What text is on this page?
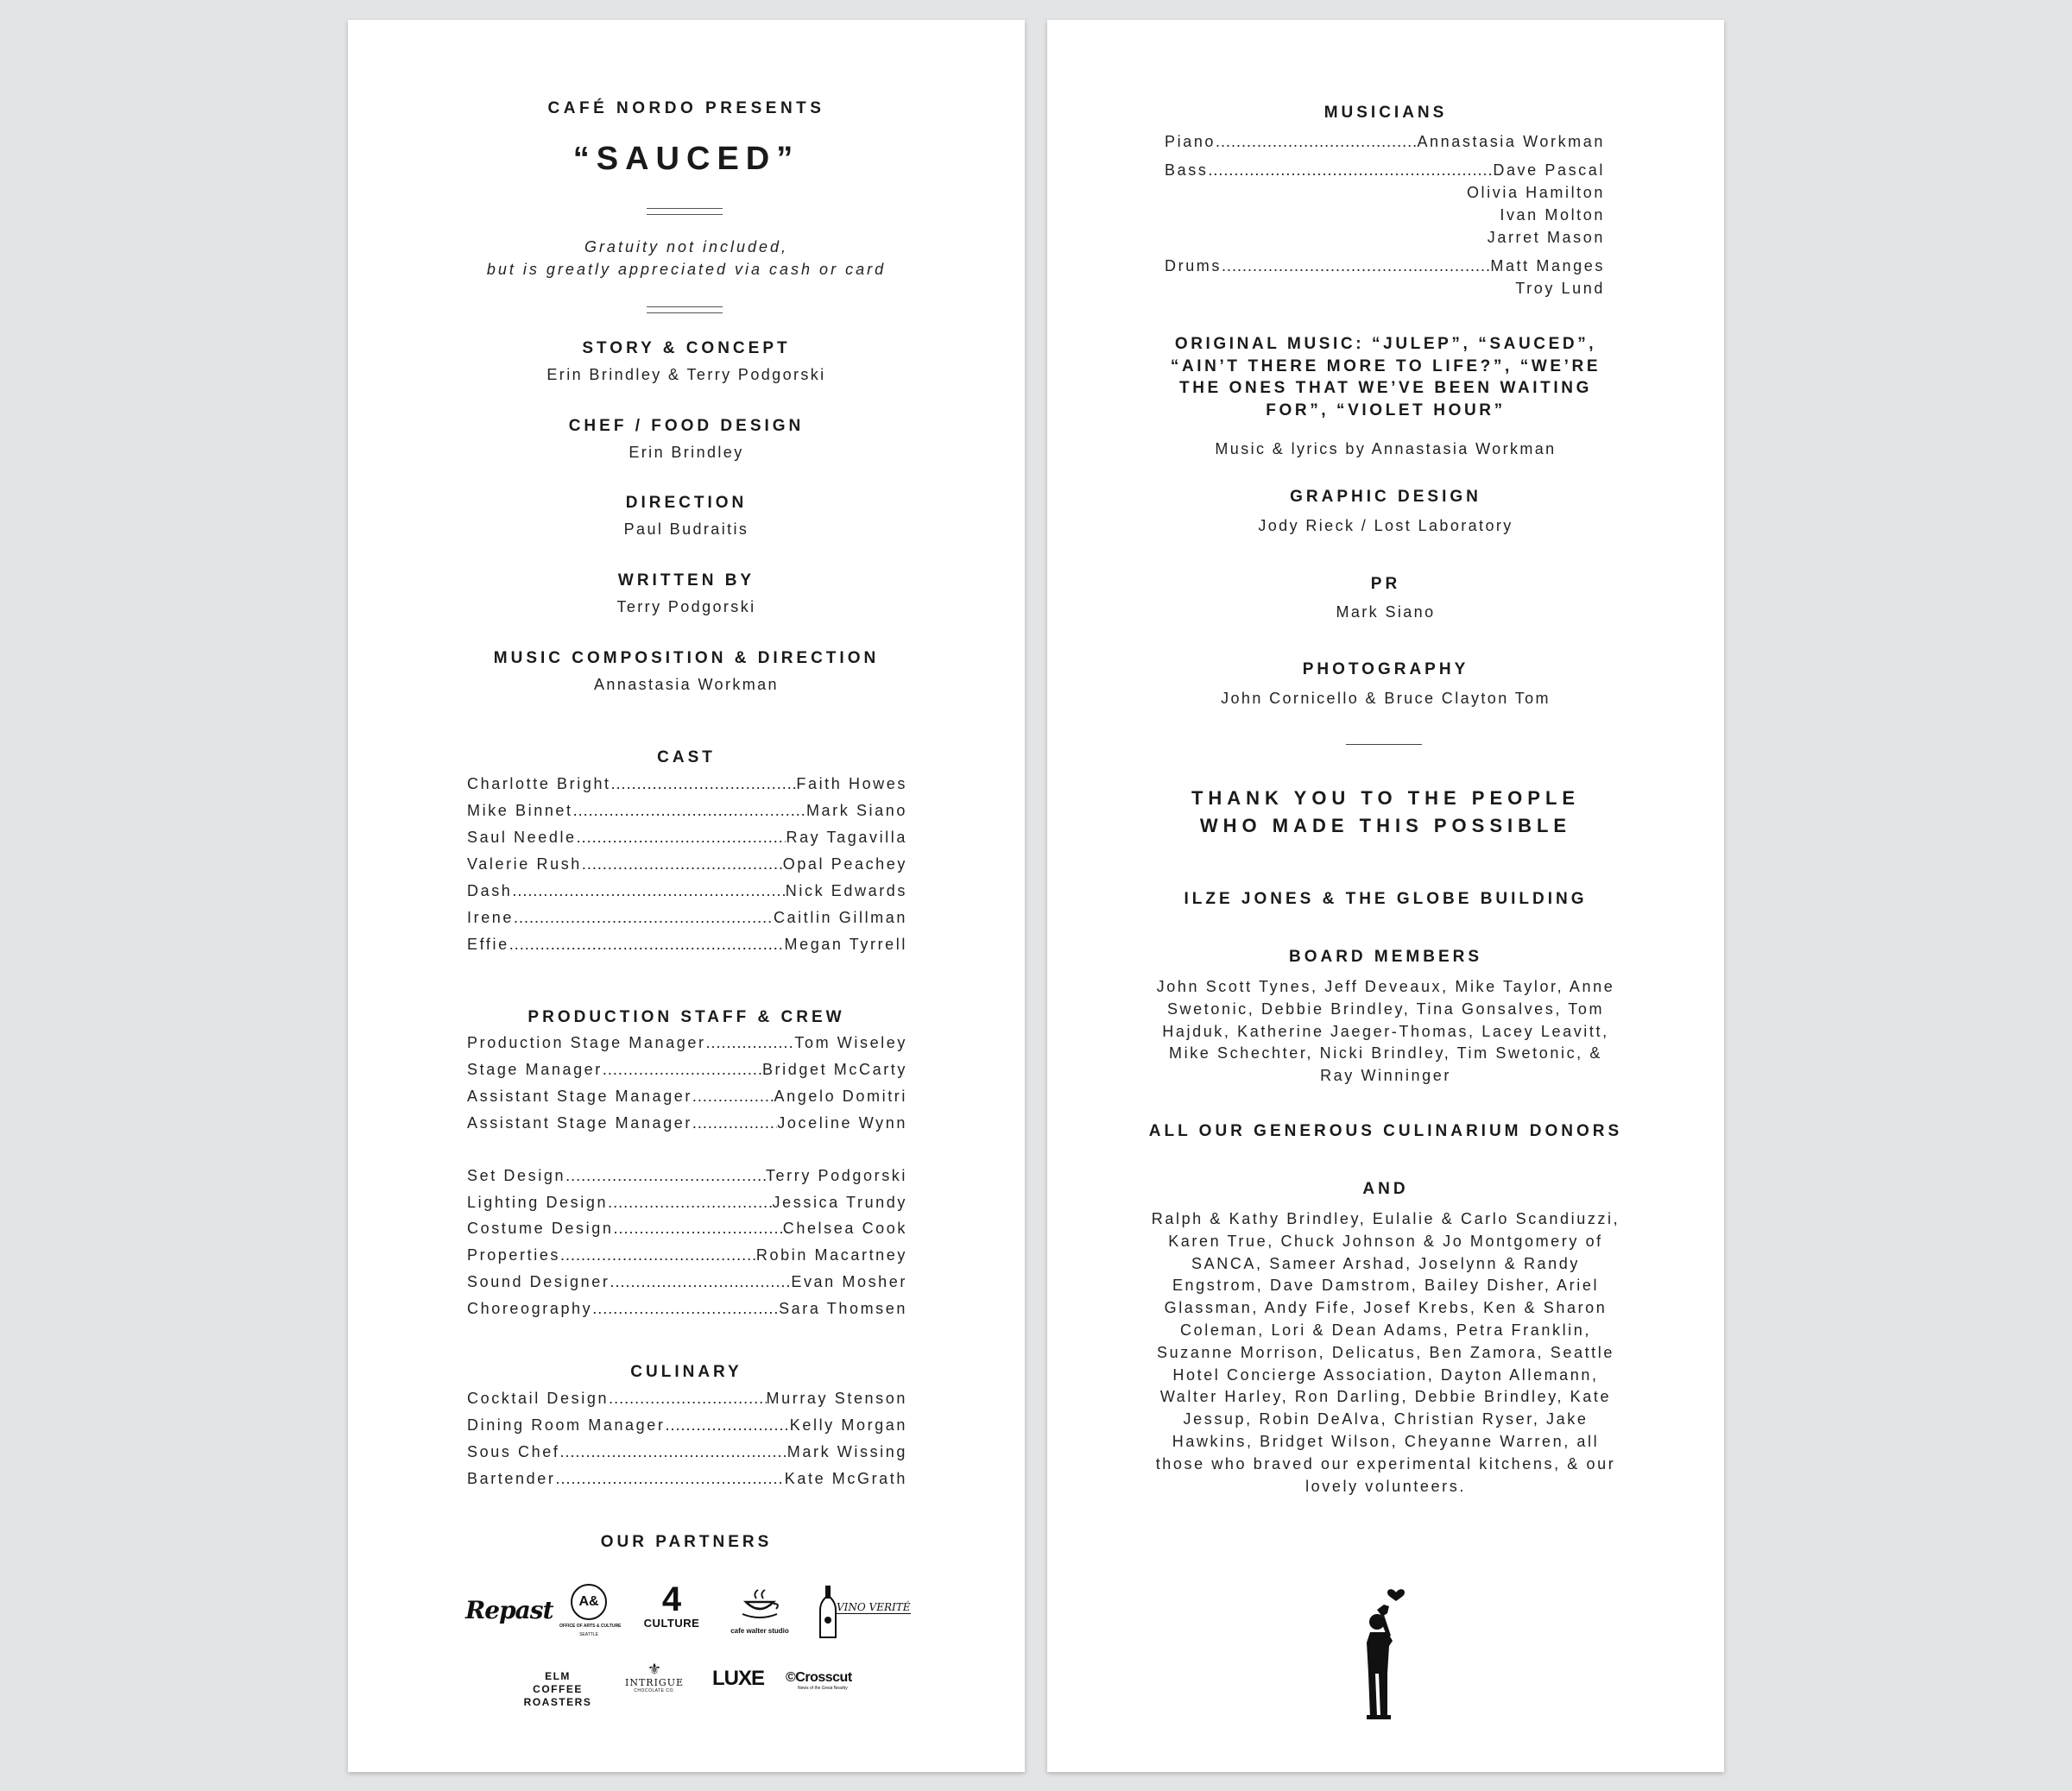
CAFÉ NORDO PRESENTS
“SAUCED”
Gratuity not included,
but is greatly appreciated via cash or card
STORY & CONCEPT
Erin Brindley & Terry Podgorski
CHEF / FOOD DESIGN
Erin Brindley
DIRECTION
Paul Budraitis
WRITTEN BY
Terry Podgorski
MUSIC COMPOSITION & DIRECTION
Annastasia Workman
CAST
Charlotte Bright .....	Faith Howes
Mike Binnet .....	Mark Siano
Saul Needle .....	Ray Tagavilla
Valerie Rush .....	Opal Peachey
Dash .....	Nick Edwards
Irene .....	Caitlin Gillman
Effie .....	Megan Tyrrell
PRODUCTION STAFF & CREW
Production Stage Manager .....	Tom Wiseley
Stage Manager .....	Bridget McCarty
Assistant Stage Manager .....	Angelo Domitri
Assistant Stage Manager .....	Joceline Wynn
Set Design .....	Terry Podgorski
Lighting Design .....	Jessica Trundy
Costume Design .....	Chelsea Cook
Properties .....	Robin Macartney
Sound Designer .....	Evan Mosher
Choreography .....	Sara Thomsen
CULINARY
Cocktail Design .....	Murray Stenson
Dining Room Manager .....	Kelly Morgan
Sous Chef .....	Mark Wissing
Bartender .....	Kate McGrath
OUR PARTNERS
Repast	A&
OFFICE OF ARTS & CULTURE
SEATTLE
4
CULTURE
cafe walter studio
VINO VERITÉ
ELM COFFEE ROASTERS
⚜
INTRIGUE
CHOCOLATE CO.
LUXE	©Crosscut
News of the Great Nearby
MUSICIANS
Piano .....	Annastasia Workman
Bass .....	Dave Pascal
Olivia Hamilton
Ivan Molton
Jarret Mason
Drums .....	Matt Manges
Troy Lund
ORIGINAL MUSIC: “JULEP”, “SAUCED”, “AIN’T THERE MORE TO LIFE?”, “WE’RE THE ONES THAT WE’VE BEEN WAITING FOR”, “VIOLET HOUR”
Music & lyrics by Annastasia Workman
GRAPHIC DESIGN
Jody Rieck / Lost Laboratory
PR
Mark Siano
PHOTOGRAPHY
John Cornicello & Bruce Clayton Tom
THANK YOU TO THE PEOPLE WHO MADE THIS POSSIBLE
ILZE JONES & THE GLOBE BUILDING
BOARD MEMBERS
John Scott Tynes, Jeff Deveaux, Mike Taylor, Anne Swetonic, Debbie Brindley, Tina Gonsalves, Tom Hajduk, Katherine Jaeger-Thomas, Lacey Leavitt, Mike Schechter, Nicki Brindley, Tim Swetonic, & Ray Winninger
ALL OUR GENEROUS CULINARIUM DONORS
AND
Ralph & Kathy Brindley, Eulalie & Carlo Scandiuzzi, Karen True, Chuck Johnson & Jo Montgomery of SANCA, Sameer Arshad, Joselynn & Randy Engstrom, Dave Damstrom, Bailey Disher, Ariel Glassman, Andy Fife, Josef Krebs, Ken & Sharon Coleman, Lori & Dean Adams, Petra Franklin, Suzanne Morrison, Delicatus, Ben Zamora, Seattle Hotel Concierge Association, Dayton Allemann, Walter Harley, Ron Darling, Debbie Brindley, Kate Jessup, Robin DeAlva, Christian Ryser, Jake Hawkins, Bridget Wilson, Cheyanne Warren, all those who braved our experimental kitchens, & our lovely volunteers.
